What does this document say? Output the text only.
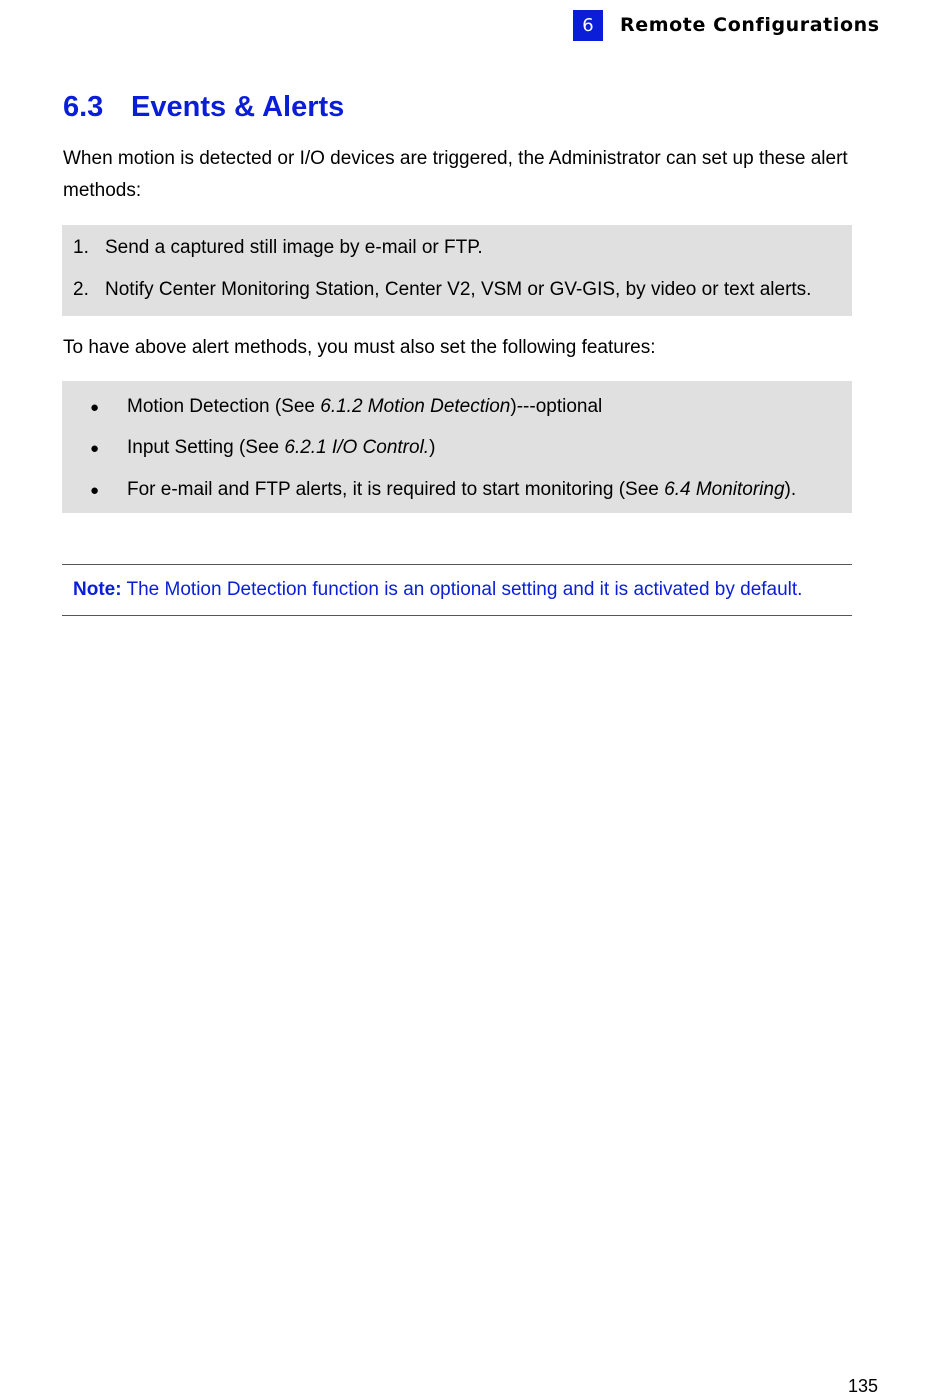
6	Remote Configurations
6.3 Events & Alerts

When motion is detected or I/O devices are triggered, the Administrator can set up these alert methods:

1. Send a captured still image by e-mail or FTP.
2. Notify Center Monitoring Station, Center V2, VSM or GV-GIS, by video or text alerts.

To have above alert methods, you must also set the following features:

● Motion Detection (See 6.1.2 Motion Detection)---optional
● Input Setting (See 6.2.1 I/O Control.)
● For e-mail and FTP alerts, it is required to start monitoring (See 6.4 Monitoring).
Note: The Motion Detection function is an optional setting and it is activated by default.
135
